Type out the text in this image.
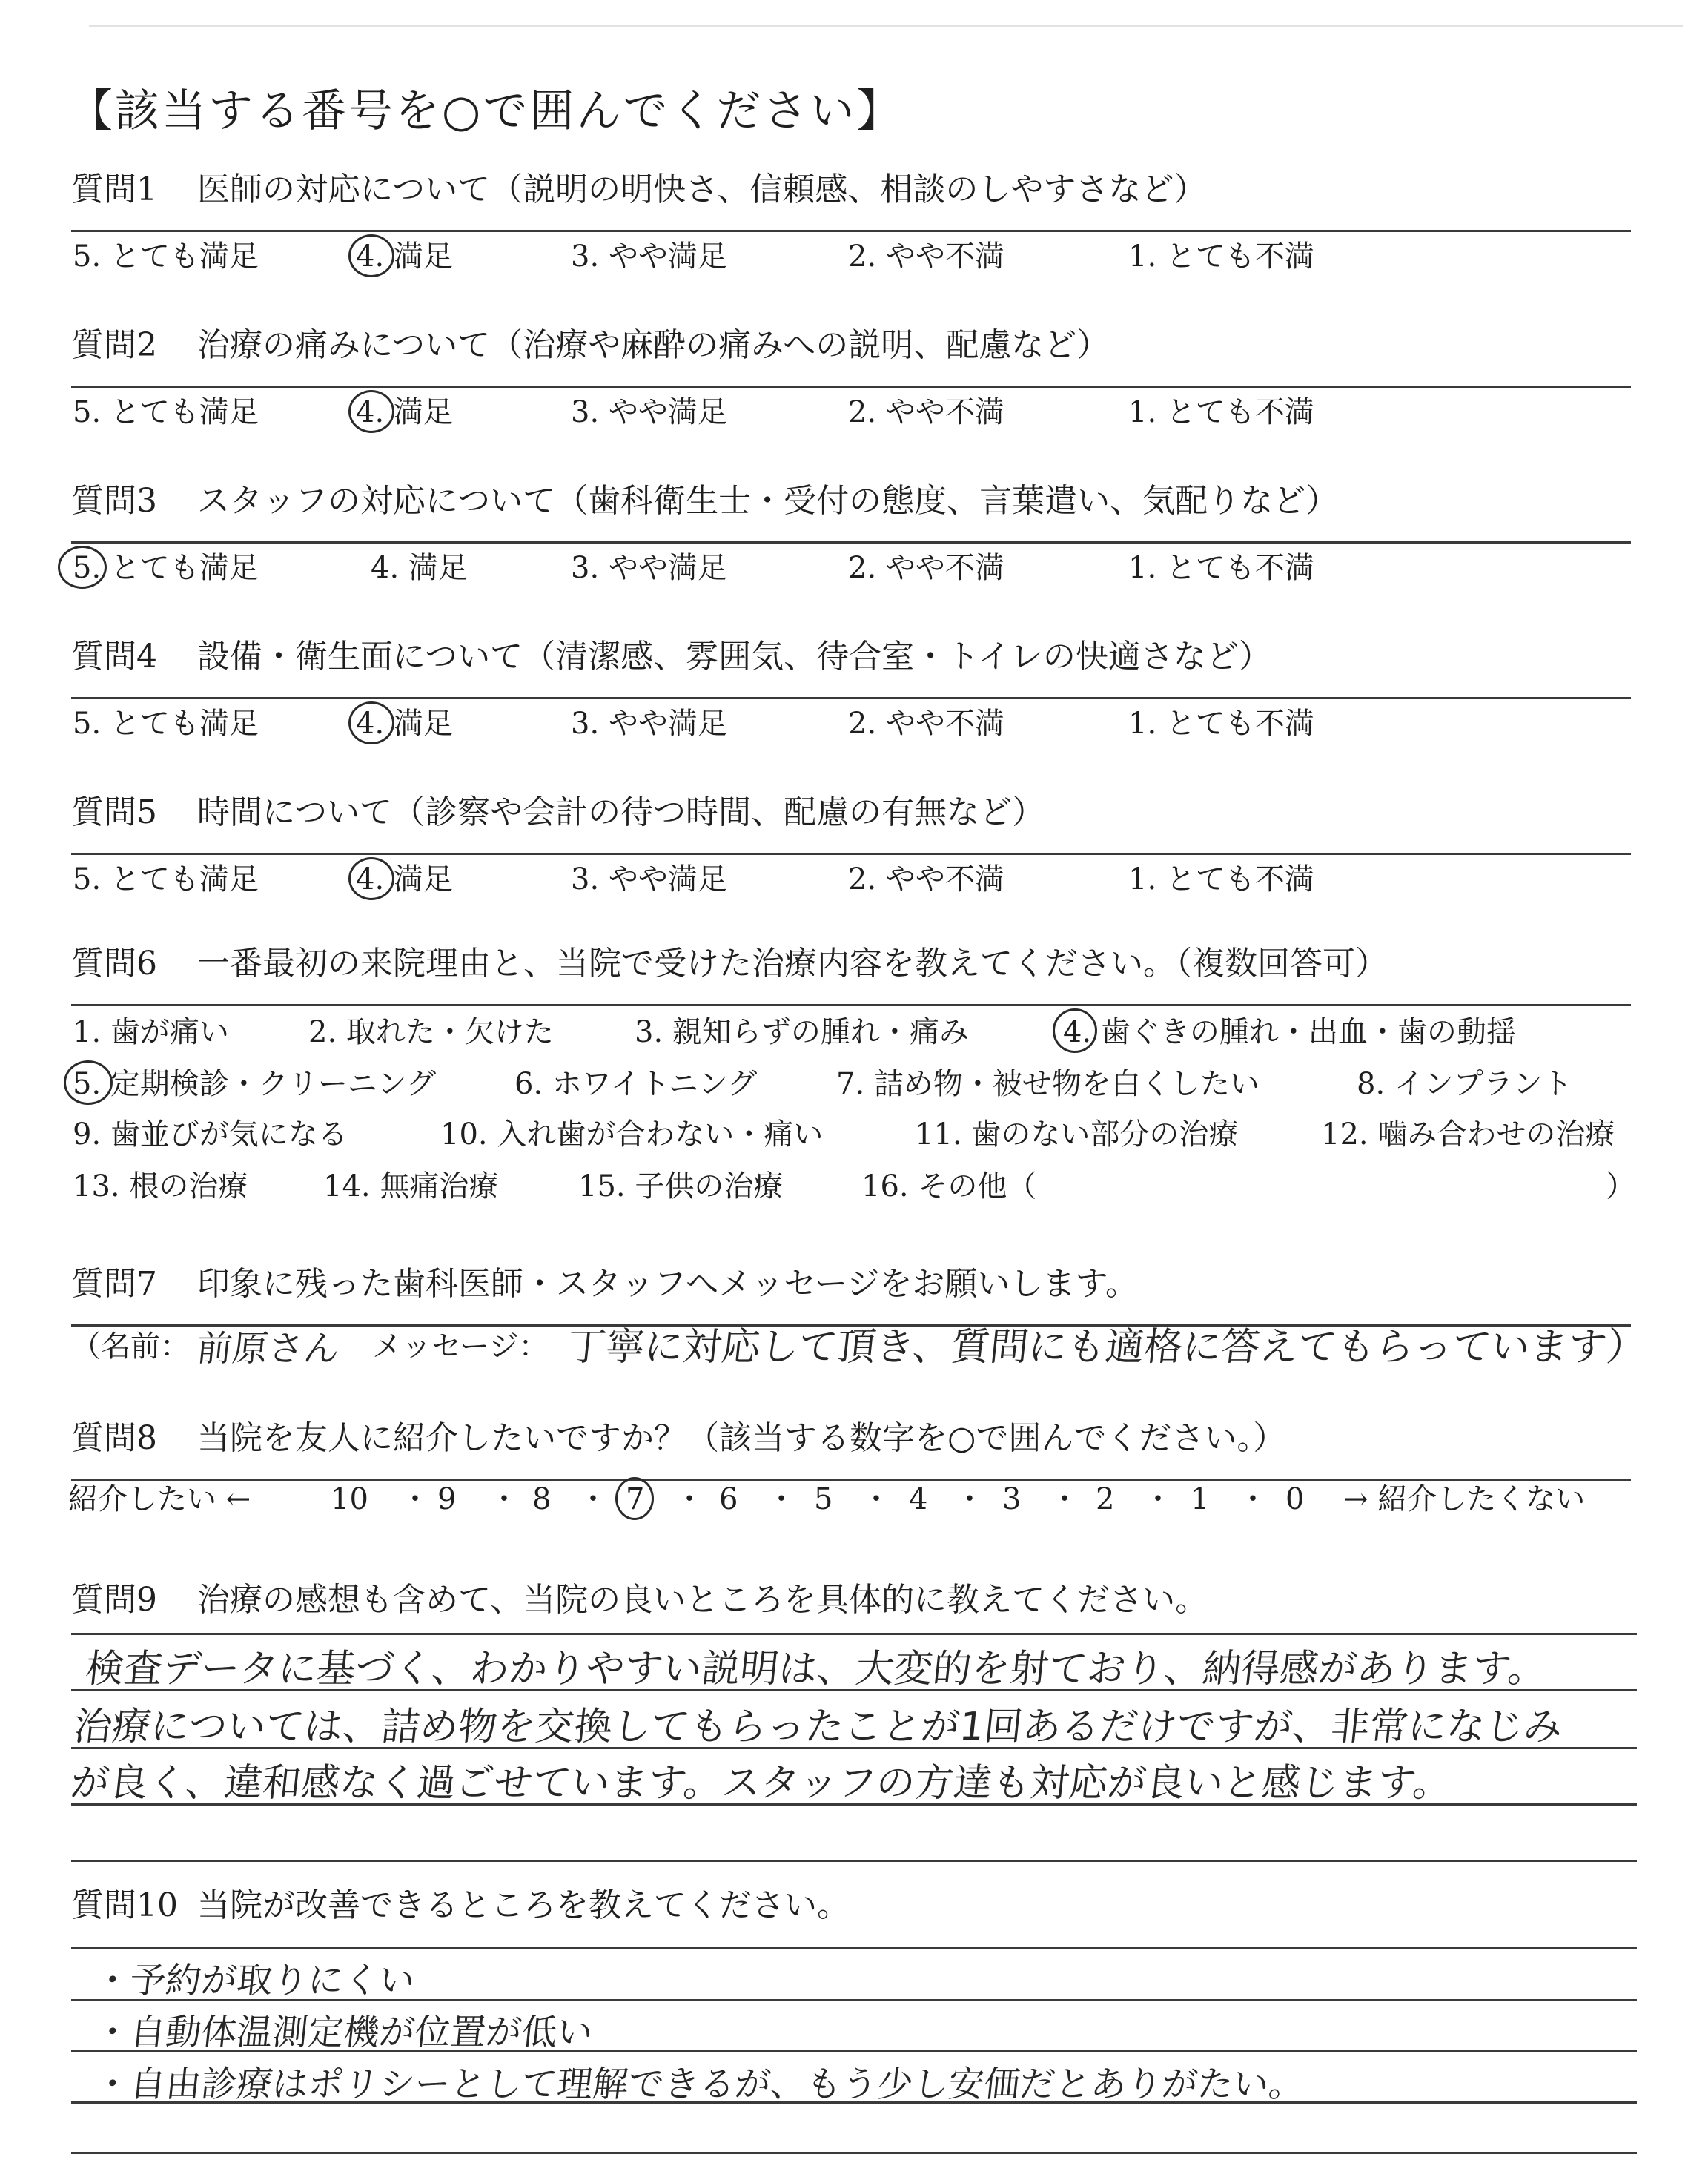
【該当する番号を○で囲んでください】
質問1 医師の対応について（説明の明快さ、信頼感、相談のしやすさなど）
5. とても満足	4. 満足	3. やや満足	2. やや不満	1. とても不満
質問2 治療の痛みについて（治療や麻酔の痛みへの説明、配慮など）
5. とても満足	4. 満足	3. やや満足	2. やや不満	1. とても不満
質問3 スタッフの対応について（歯科衛生士・受付の態度、言葉遣い、気配りなど）
5. とても満足	4. 満足	3. やや満足	2. やや不満	1. とても不満
質問4 設備・衛生面について（清潔感、雰囲気、待合室・トイレの快適さなど）
5. とても満足	4. 満足	3. やや満足	2. やや不満	1. とても不満
質問5 時間について（診察や会計の待つ時間、配慮の有無など）
5. とても満足	4. 満足	3. やや満足	2. やや不満	1. とても不満
質問6 一番最初の来院理由と、当院で受けた治療内容を教えてください。（複数回答可）
1. 歯が痛い	2. 取れた・欠けた	3. 親知らずの腫れ・痛み	4. 歯ぐきの腫れ・出血・歯の動揺
5. 定期検診・クリーニング	6. ホワイトニング	7. 詰め物・被せ物を白くしたい	8. インプラント
9. 歯並びが気になる	10. 入れ歯が合わない・痛い	11. 歯のない部分の治療	12. 噛み合わせの治療
13. 根の治療	14. 無痛治療	15. 子供の治療	16. その他（	）
質問7 印象に残った歯科医師・スタッフへメッセージをお願いします。
（名前： 前原さん メッセージ： 丁寧に対応して頂き、質問にも適格に答えてもらっています）
質問8 当院を友人に紹介したいですか？（該当する数字を○で囲んでください。）
紹介したい ←	10 ・ 9 ・ 8 ・ 7 ・ 6 ・ 5 ・ 4 ・ 3 ・ 2 ・ 1 ・ 0 → 紹介したくない
質問9 治療の感想も含めて、当院の良いところを具体的に教えてください。
検査データに基づく、わかりやすい説明は、大変的を射ており、納得感があります。
治療については、詰め物を交換してもらったことが1回あるだけですが、非常になじみ
が良く、違和感なく過ごせています。スタッフの方達も対応が良いと感じます。
質問10 当院が改善できるところを教えてください。
・予約が取りにくい
・自動体温測定機が位置が低い
・自由診療はポリシーとして理解できるが、もう少し安価だとありがたい。
